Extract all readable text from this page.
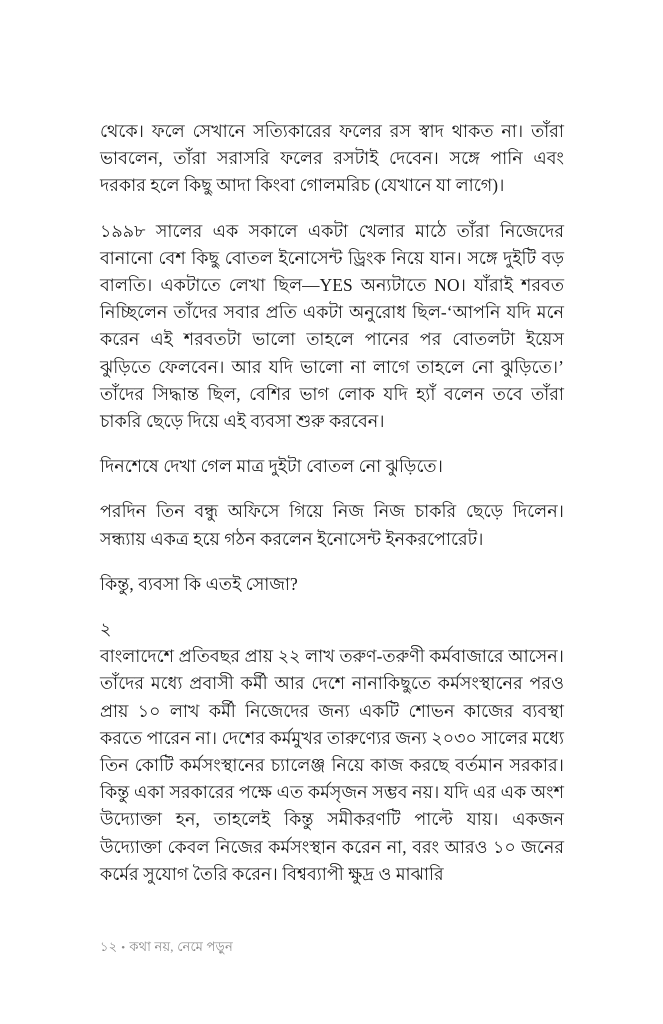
থেকে। ফলে সেখানে সত্যিকারের ফলের রস স্বাদ থাকত না। তাঁরা ভাবলেন, তাঁরা সরাসরি ফলের রসটাই দেবেন। সঙ্গে পানি এবং দরকার হলে কিছু আদা কিংবা গোলমরিচ (যেখানে যা লাগে)।

১৯৯৮ সালের এক সকালে একটা খেলার মাঠে তাঁরা নিজেদের বানানো বেশ কিছু বোতল ইনোসেন্ট ড্রিংক নিয়ে যান। সঙ্গে দুইটি বড় বালতি। একটাতে লেখা ছিল—YES অন্যটাতে NO। যাঁরাই শরবত নিচ্ছিলেন তাঁদের সবার প্রতি একটা অনুরোধ ছিল-‘আপনি যদি মনে করেন এই শরবতটা ভালো তাহলে পানের পর বোতলটা ইয়েস ঝুড়িতে ফেলবেন। আর যদি ভালো না লাগে তাহলে নো ঝুড়িতে।’ তাঁদের সিদ্ধান্ত ছিল, বেশির ভাগ লোক যদি হ্যাঁ বলেন তবে তাঁরা চাকরি ছেড়ে দিয়ে এই ব্যবসা শুরু করবেন।

দিনশেষে দেখা গেল মাত্র দুইটা বোতল নো ঝুড়িতে।

পরদিন তিন বন্ধু অফিসে গিয়ে নিজ নিজ চাকরি ছেড়ে দিলেন। সন্ধ্যায় একত্র হয়ে গঠন করলেন ইনোসেন্ট ইনকরপোরেট।

কিন্তু, ব্যবসা কি এতই সোজা?

২

বাংলাদেশে প্রতিবছর প্রায় ২২ লাখ তরুণ-তরুণী কর্মবাজারে আসেন। তাঁদের মধ্যে প্রবাসী কর্মী আর দেশে নানাকিছুতে কর্মসংস্থানের পরও প্রায় ১০ লাখ কর্মী নিজেদের জন্য একটি শোভন কাজের ব্যবস্থা করতে পারেন না। দেশের কর্মমুখর তারুণ্যের জন্য ২০৩০ সালের মধ্যে তিন কোটি কর্মসংস্থানের চ্যালেঞ্জ নিয়ে কাজ করছে বর্তমান সরকার। কিন্তু একা সরকারের পক্ষে এত কর্মসৃজন সম্ভব নয়। যদি এর এক অংশ উদ্যোক্তা হন, তাহলেই কিন্তু সমীকরণটি পাল্টে যায়। একজন উদ্যোক্তা কেবল নিজের কর্মসংস্থান করেন না, বরং আরও ১০ জনের কর্মের সুযোগ তৈরি করেন। বিশ্বব্যাপী ক্ষুদ্র ও মাঝারি

১২ • কথা নয়, নেমে পড়ুন
